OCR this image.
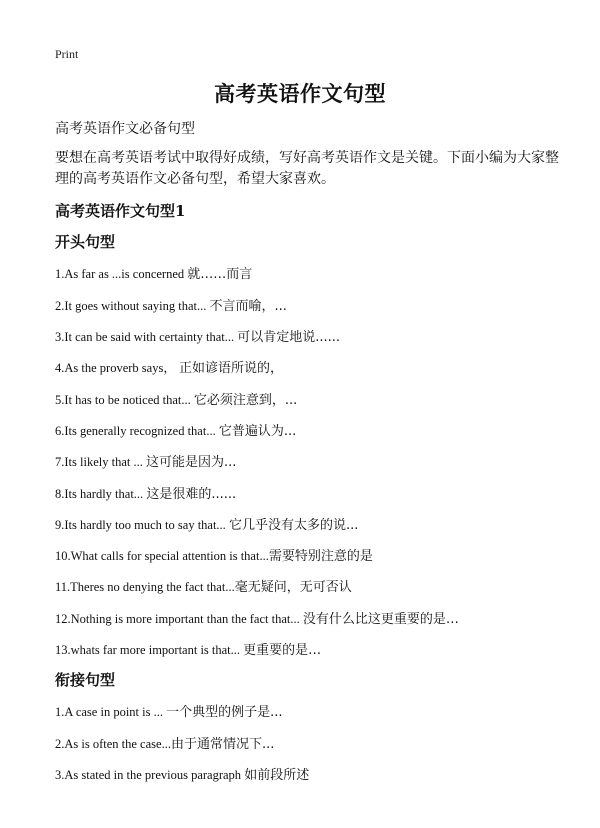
Print
高考英语作文句型
高考英语作文必备句型
要想在高考英语考试中取得好成绩，写好高考英语作文是关键。下面小编为大家整理的高考英语作文必备句型，希望大家喜欢。
高考英语作文句型1
开头句型
1.As far as ...is concerned 就……而言
2.It goes without saying that... 不言而喻，...
3.It can be said with certainty that... 可以肯定地说......
4.As the proverb says， 正如谚语所说的，
5.It has to be noticed that... 它必须注意到，...
6.Its generally recognized that... 它普遍认为...
7.Its likely that ... 这可能是因为...
8.Its hardly that... 这是很难的......
9.Its hardly too much to say that... 它几乎没有太多的说...
10.What calls for special attention is that...需要特别注意的是
11.Theres no denying the fact that...毫无疑问，无可否认
12.Nothing is more important than the fact that... 没有什么比这更重要的是…
13.whats far more important is that... 更重要的是…
衔接句型
1.A case in point is ... 一个典型的例子是...
2.As is often the case...由于通常情况下...
3.As stated in the previous paragraph 如前段所述
